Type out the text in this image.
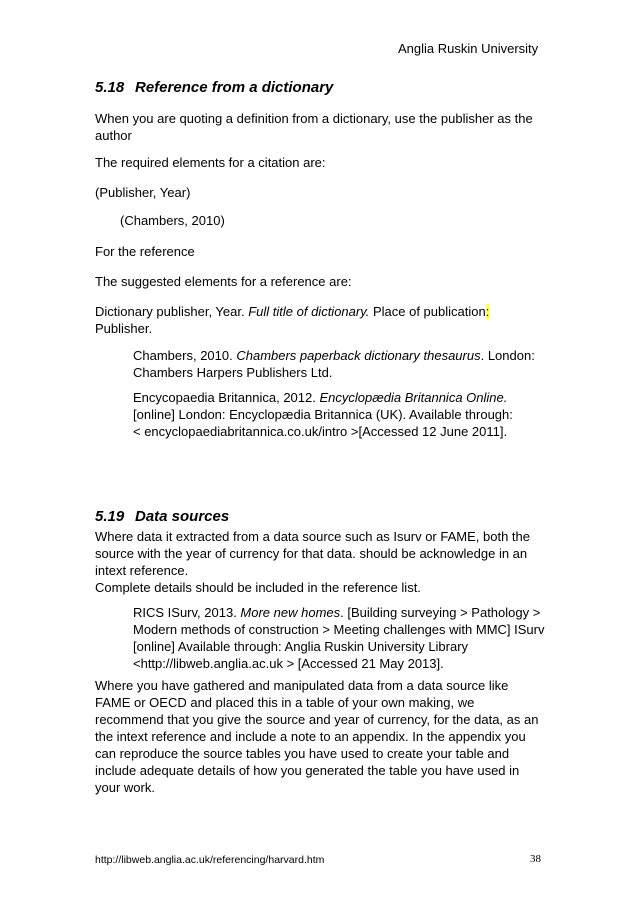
Anglia Ruskin University
5.18 Reference from a dictionary

When you are quoting a definition from a dictionary, use the publisher as the author

The required elements for a citation are:

(Publisher, Year)

(Chambers, 2010)

For the reference

The suggested elements for a reference are:

Dictionary publisher, Year. Full title of dictionary. Place of publication: Publisher.

Chambers, 2010. Chambers paperback dictionary thesaurus. London: Chambers Harpers Publishers Ltd.

Encycopaedia Britannica, 2012. Encyclopædia Britannica Online. [online] London: Encyclopædia Britannica (UK). Available through: < encyclopaediabritannica.co.uk/intro >[Accessed 12 June 2011].

5.19 Data sources

Where data it extracted from a data source such as Isurv or FAME, both the source with the year of currency for that data. should be acknowledge in an intext reference.

Complete details should be included in the reference list.

RICS ISurv, 2013. More new homes. [Building surveying > Pathology > Modern methods of construction > Meeting challenges with MMC] ISurv [online] Available through: Anglia Ruskin University Library <http://libweb.anglia.ac.uk > [Accessed 21 May 2013].

Where you have gathered and manipulated data from a data source like FAME or OECD and placed this in a table of your own making, we recommend that you give the source and year of currency, for the data, as an the intext reference and include a note to an appendix. In the appendix you can reproduce the source tables you have used to create your table and include adequate details of how you generated the table you have used in your work.

http://libweb.anglia.ac.uk/referencing/harvard.htm	38
